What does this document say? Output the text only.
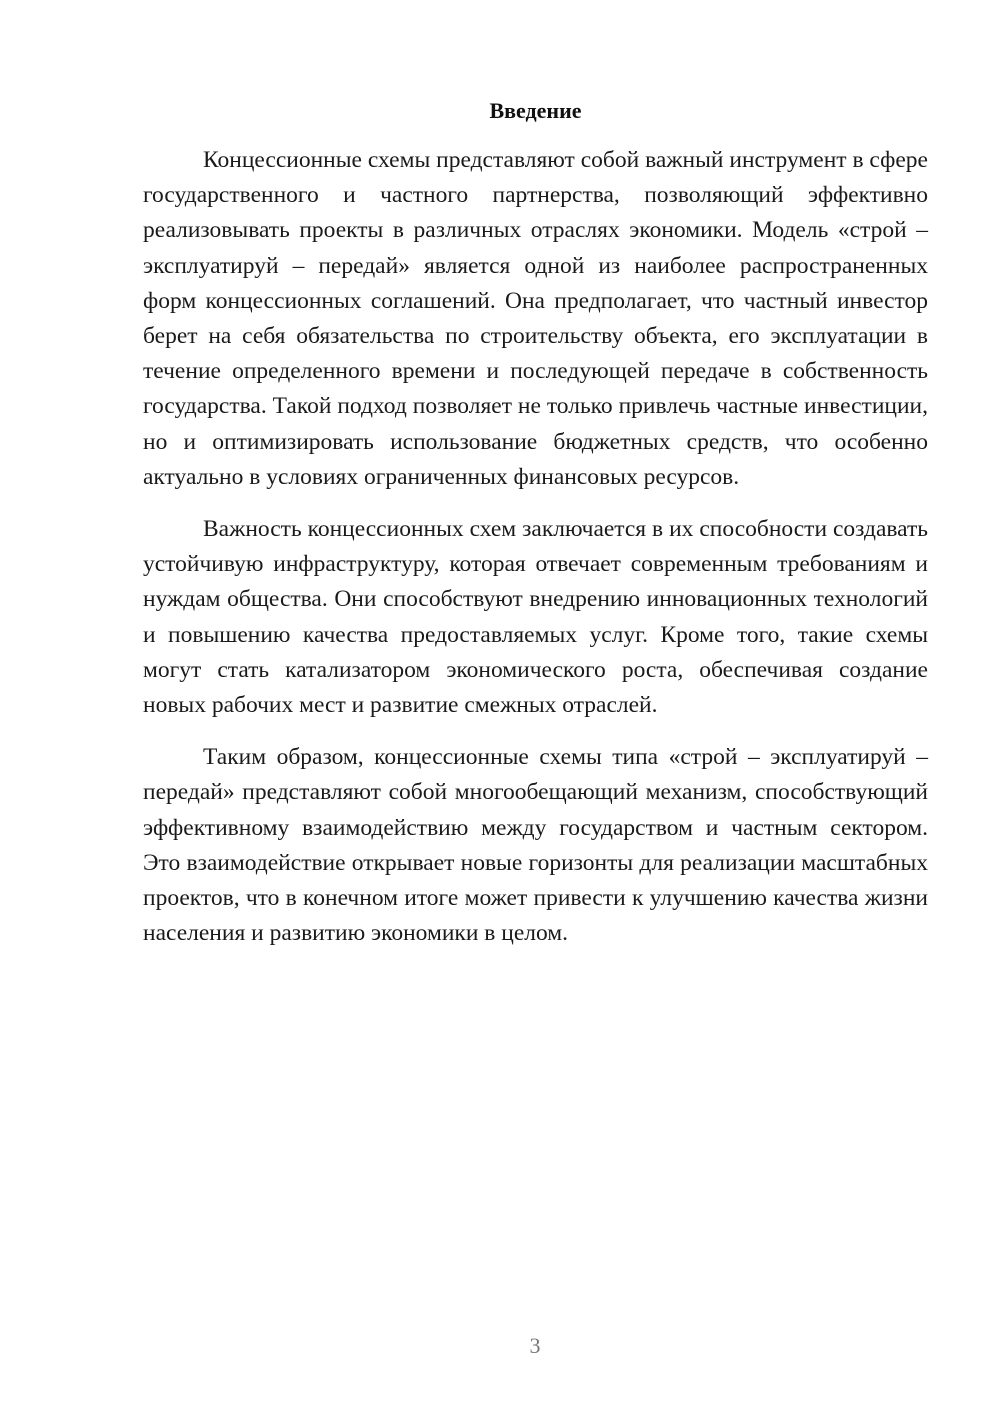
Введение

Концессионные схемы представляют собой важный инструмент в сфере государственного и частного партнерства, позволяющий эффективно реализовывать проекты в различных отраслях экономики. Модель «строй – эксплуатируй – передай» является одной из наиболее распространенных форм концессионных соглашений. Она предполагает, что частный инвестор берет на себя обязательства по строительству объекта, его эксплуатации в течение определенного времени и последующей передаче в собственность государства. Такой подход позволяет не только привлечь частные инвестиции, но и оптимизировать использование бюджетных средств, что особенно актуально в условиях ограниченных финансовых ресурсов.

Важность концессионных схем заключается в их способности создавать устойчивую инфраструктуру, которая отвечает современным требованиям и нуждам общества. Они способствуют внедрению инновационных технологий и повышению качества предоставляемых услуг. Кроме того, такие схемы могут стать катализатором экономического роста, обеспечивая создание новых рабочих мест и развитие смежных отраслей.

Таким образом, концессионные схемы типа «строй – эксплуатируй – передай» представляют собой многообещающий механизм, способствующий эффективному взаимодействию между государством и частным сектором. Это взаимодействие открывает новые горизонты для реализации масштабных проектов, что в конечном итоге может привести к улучшению качества жизни населения и развитию экономики в целом.

3
